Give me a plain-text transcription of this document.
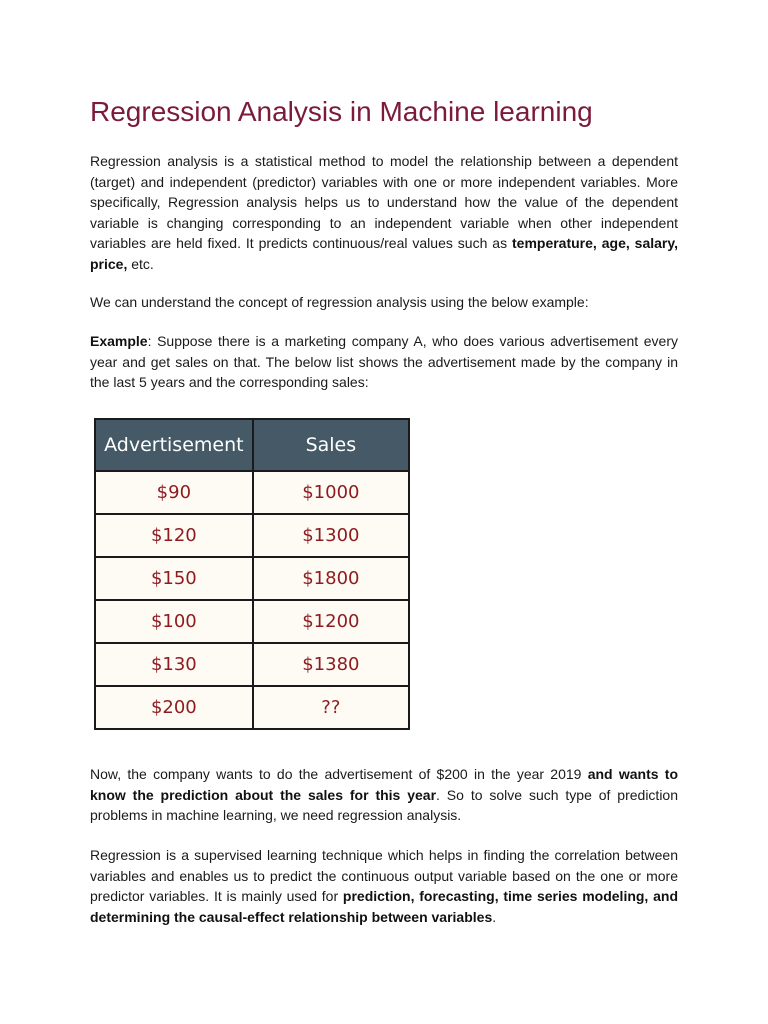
Regression Analysis in Machine learning

Regression analysis is a statistical method to model the relationship between a dependent (target) and independent (predictor) variables with one or more independent variables. More specifically, Regression analysis helps us to understand how the value of the dependent variable is changing corresponding to an independent variable when other independent variables are held fixed. It predicts continuous/real values such as temperature, age, salary, price, etc.

We can understand the concept of regression analysis using the below example:

Example: Suppose there is a marketing company A, who does various advertisement every year and get sales on that. The below list shows the advertisement made by the company in the last 5 years and the corresponding sales:

Now, the company wants to do the advertisement of $200 in the year 2019 and wants to know the prediction about the sales for this year. So to solve such type of prediction problems in machine learning, we need regression analysis.

Regression is a supervised learning technique which helps in finding the correlation between variables and enables us to predict the continuous output variable based on the one or more predictor variables. It is mainly used for prediction, forecasting, time series modeling, and determining the causal-effect relationship between variables.

Advertisement	Sales
$90	$1000
$120	$1300
$150	$1800
$100	$1200
$130	$1380
$200	??
